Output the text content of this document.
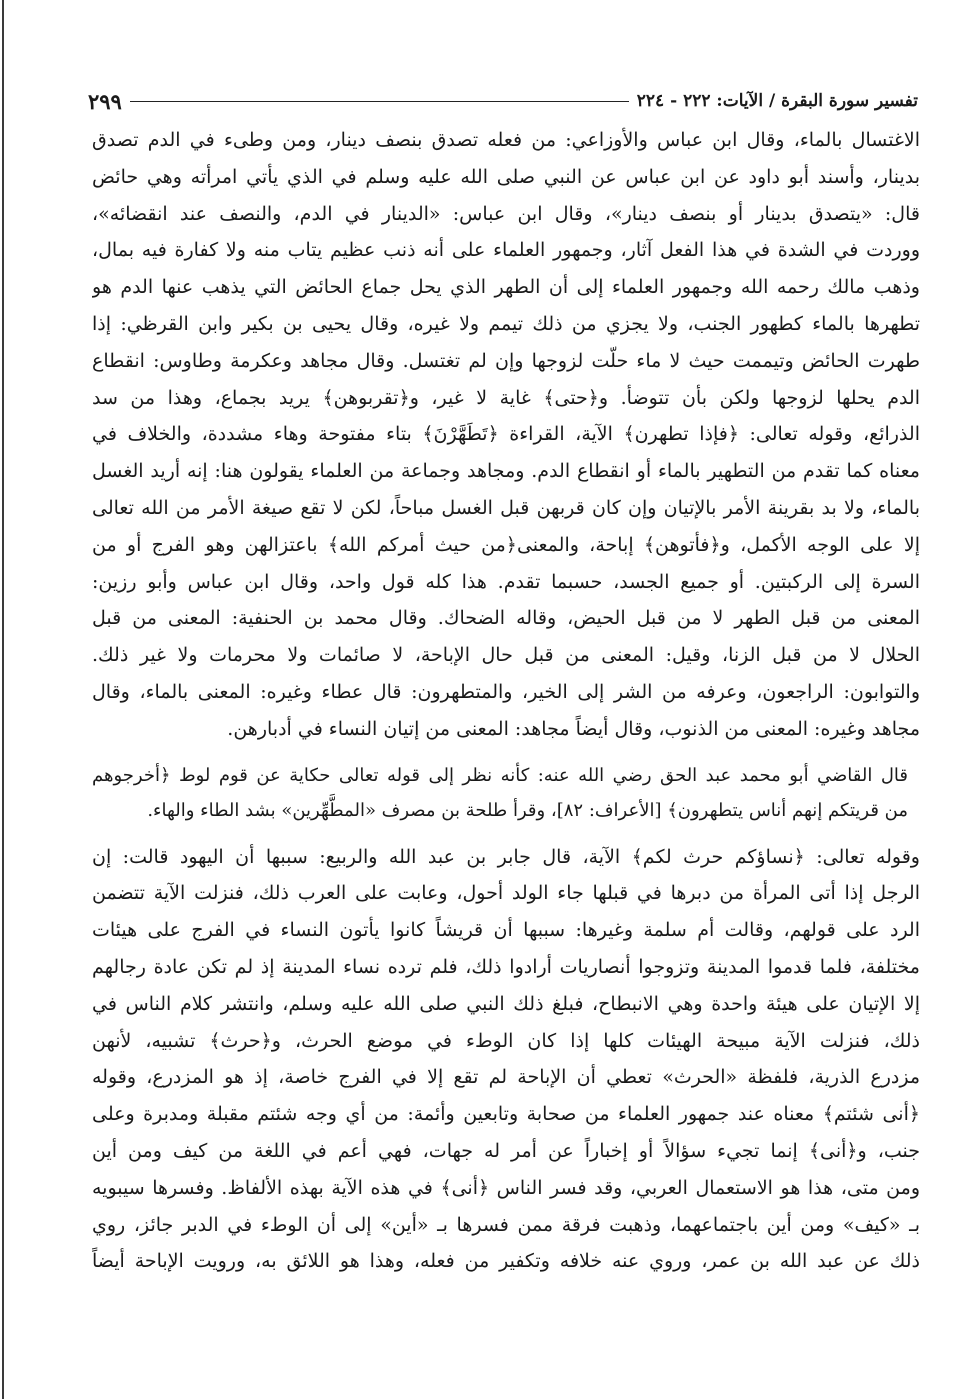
تفسير سورة البقرة / الآيات: ٢٢٢ - ٢٢٤
٢٩٩
الاغتسال بالماء، وقال ابن عباس والأوزاعي: من فعله تصدق بنصف دينار، ومن وطىء في الدم تصدق
بدينار، وأسند أبو داود عن ابن عباس عن النبي صلى الله عليه وسلم في الذي يأتي امرأته وهي حائض
قال: «يتصدق بدينار أو بنصف دينار»، وقال ابن عباس: «الدينار في الدم، والنصف عند انقضائه»،
ووردت في الشدة في هذا الفعل آثار، وجمهور العلماء على أنه ذنب عظيم يتاب منه ولا كفارة فيه بمال،
وذهب مالك رحمه الله وجمهور العلماء إلى أن الطهر الذي يحل جماع الحائض التي يذهب عنها الدم هو
تطهرها بالماء كطهور الجنب، ولا يجزي من ذلك تيمم ولا غيره، وقال يحيى بن بكير وابن القرظي: إذا
طهرت الحائض وتيممت حيث لا ماء حلّت لزوجها وإن لم تغتسل. وقال مجاهد وعكرمة وطاوس: انقطاع
الدم يحلها لزوجها ولكن بأن تتوضأ. و﴿حتى﴾ غاية لا غير، و﴿تقربوهن﴾ يريد بجماع، وهذا من سد
الذرائع، وقوله تعالى: ﴿فإذا تطهرن﴾ الآية، القراءة ﴿تَطَهَّرْنَ﴾ بتاء مفتوحة وهاء مشددة، والخلاف في
معناه كما تقدم من التطهير بالماء أو انقطاع الدم. ومجاهد وجماعة من العلماء يقولون هنا: إنه أريد الغسل
بالماء، ولا بد بقرينة الأمر بالإتيان وإن كان قربهن قبل الغسل مباحاً، لكن لا تقع صيغة الأمر من الله تعالى
إلا على الوجه الأكمل، و﴿فأتوهن﴾ إباحة، والمعنى﴿من حيث أمركم الله﴾ باعتزالهن وهو الفرج أو من
السرة إلى الركبتين. أو جميع الجسد، حسبما تقدم. هذا كله قول واحد، وقال ابن عباس وأبو رزين:
المعنى من قبل الطهر لا من قبل الحيض، وقاله الضحاك. وقال محمد بن الحنفية: المعنى من قبل
الحلال لا من قبل الزنا، وقيل: المعنى من قبل حال الإباحة، لا صائمات ولا محرمات ولا غير ذلك.
والتوابون: الراجعون، وعرفه من الشر إلى الخير، والمتطهرون: قال عطاء وغيره: المعنى بالماء، وقال
مجاهد وغيره: المعنى من الذنوب، وقال أيضاً مجاهد: المعنى من إتيان النساء في أدبارهن.
قال القاضي أبو محمد عبد الحق رضي الله عنه: كأنه نظر إلى قوله تعالى حكاية عن قوم لوط ﴿أخرجوهم
من قريتكم إنهم أناس يتطهرون﴾ [الأعراف: ٨٢]، وقرأ طلحة بن مصرف «المطَّهِّرين» بشد الطاء والهاء.
وقوله تعالى: ﴿نساؤكم حرث لكم﴾ الآية، قال جابر بن عبد الله والربيع: سببها أن اليهود قالت: إن
الرجل إذا أتى المرأة من دبرها في قبلها جاء الولد أحول، وعابت على العرب ذلك، فنزلت الآية تتضمن
الرد على قولهم، وقالت أم سلمة وغيرها: سببها أن قريشاً كانوا يأتون النساء في الفرج على هيئات
مختلفة، فلما قدموا المدينة وتزوجوا أنصاريات أرادوا ذلك، فلم ترده نساء المدينة إذ لم تكن عادة رجالهم
إلا الإتيان على هيئة واحدة وهي الانبطاح، فبلغ ذلك النبي صلى الله عليه وسلم، وانتشر كلام الناس في
ذلك، فنزلت الآية مبيحة الهيئات كلها إذا كان الوطء في موضع الحرث، و﴿حرث﴾ تشبيه، لأنهن
مزدرع الذرية، فلفظة «الحرث» تعطي أن الإباحة لم تقع إلا في الفرج خاصة، إذ هو المزدرع، وقوله
﴿أنى شئتم﴾ معناه عند جمهور العلماء من صحابة وتابعين وأئمة: من أي وجه شئتم مقبلة ومدبرة وعلى
جنب، و﴿أنى﴾ إنما تجيء سؤالاً أو إخباراً عن أمر له جهات، فهي أعم في اللغة من كيف ومن أين
ومن متى، هذا هو الاستعمال العربي، وقد فسر الناس ﴿أنى﴾ في هذه الآية بهذه الألفاظ. وفسرها سيبويه
بـ «كيف» ومن أين باجتماعهما، وذهبت فرقة ممن فسرها بـ «أين» إلى أن الوطء في الدبر جائز، روي
ذلك عن عبد الله بن عمر، وروي عنه خلافه وتكفير من فعله، وهذا هو اللائق به، ورويت الإباحة أيضاً
